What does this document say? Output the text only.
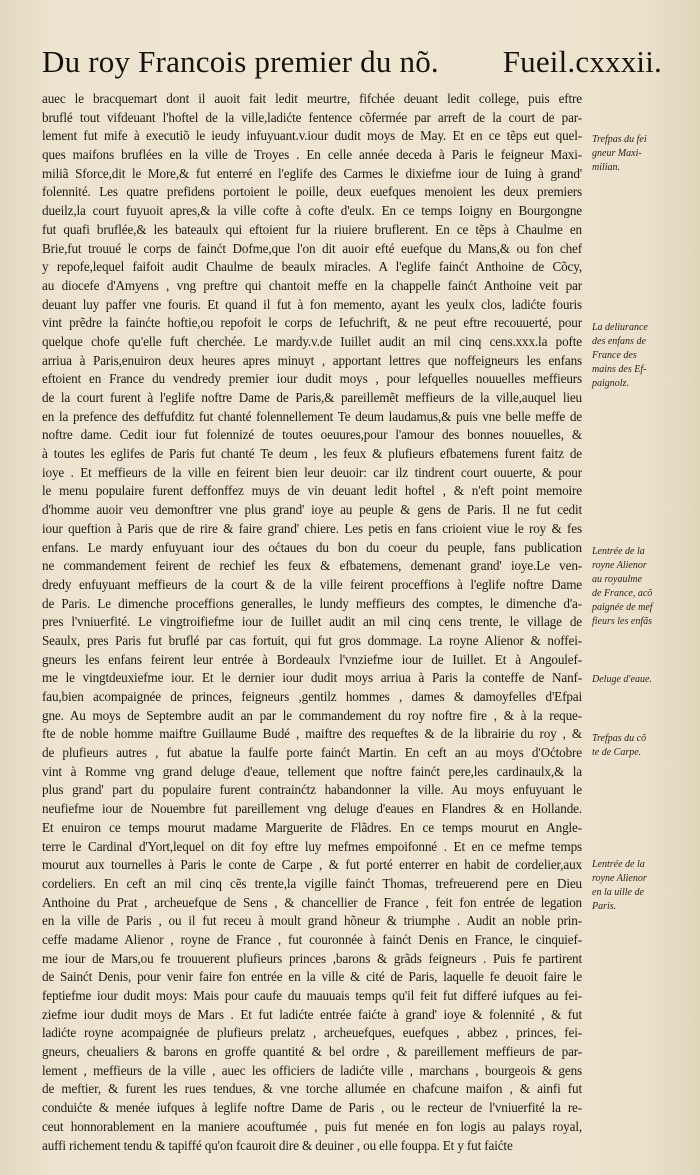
Du roy Francois premier du nõ. Fueil.cxxxii.
auec le bracquemart dont il auoit fait ledit meurtre, fifchée deuant ledit college, puis eftre
bruflé tout vifdeuant l'hoftel de la ville,ladićte fentence cõfermée par arreft de la court de par-
lement fut mife à executiõ le ieudy infuyuant.v.iour dudit moys de May. Et en ce tẽps eut quel-
ques maifons bruflées en la ville de Troyes . En celle année deceda à Paris le feigneur Maxi-
miliã Sforce,dit le More,& fut enterré en l'eglife des Carmes le dixiefme iour de Iuing à grand'
folennité. Les quatre prefidens portoient le poille, deux euefques menoient les deux premiers
dueilz,la court fuyuoit apres,& la ville cofte à cofte d'eulx. En ce temps Ioigny en Bourgongne
fut quafi bruflée,& les bateaulx qui eftoient fur la riuiere bruflerent. En ce tẽps à Chaulme en
Brie,fut trouué le corps de fainćt Dofme,que l'on dit auoir efté euefque du Mans,& ou fon chef
y repofe,lequel faifoit audit Chaulme de beaulx miracles. A l'eglife fainćt Anthoine de Cõcy,
au diocefe d'Amyens , vng preftre qui chantoit meffe en la chappelle fainćt Anthoine veit par
deuant luy paffer vne fouris. Et quand il fut à fon memento, ayant les yeulx clos, ladićte fouris
vint prẽdre la fainćte hoftie,ou repofoit le corps de Iefuchrift, & ne peut eftre recouuerté, pour
quelque chofe qu'elle fuft cherchée. Le mardy.v.de Iuillet audit an mil cinq cens.xxx.la pofte
arriua à Paris,enuiron deux heures apres minuyt , apportant lettres que noffeigneurs les enfans
eftoient en France du vendredy premier iour dudit moys , pour lefquelles nouuelles meffieurs
de la court furent à l'eglife noftre Dame de Paris,& pareillemẽt meffieurs de la ville,auquel lieu
en la prefence des deffufditz fut chanté folennellement Te deum laudamus,& puis vne belle meffe de
noftre dame. Cedit iour fut folennizé de toutes oeuures,pour l'amour des bonnes nouuelles, &
à toutes les eglifes de Paris fut chanté Te deum , les feux & plufieurs efbatemens furent faitz de
ioye . Et meffieurs de la ville en feirent bien leur deuoir: car ilz tindrent court ouuerte, & pour
le menu populaire furent deffonffez muys de vin deuant ledit hoftel , & n'eft point memoire
d'homme auoir veu demonftrer vne plus grand' ioye au peuple & gens de Paris. Il ne fut cedit
iour queftion à Paris que de rire & faire grand' chiere. Les petis en fans crioient viue le roy & fes
enfans. Le mardy enfuyuant iour des oćtaues du bon du coeur du peuple, fans publication
ne commandement feirent de rechief les feux & efbatemens, demenant grand' ioye.Le ven-
dredy enfuyuant meffieurs de la court & de la ville feirent proceffions à l'eglife noftre Dame
de Paris. Le dimenche proceffions generalles, le lundy meffieurs des comptes, le dimenche d'a-
pres l'vniuerfité. Le vingtroifiefme iour de Iuillet audit an mil cinq cens trente, le village de
Seaulx, pres Paris fut bruflé par cas fortuit, qui fut gros dommage. La royne Alienor & noffei-
gneurs les enfans feirent leur entrée à Bordeaulx l'vnziefme iour de Iuillet. Et à Angoulef-
me le vingtdeuxiefme iour. Et le dernier iour dudit moys arriua à Paris la conteffe de Nanf-
fau,bien acompaignée de princes, feigneurs ,gentilz hommes , dames & damoyfelles d'Efpai
gne. Au moys de Septembre audit an par le commandement du roy noftre fire , & à la reque-
fte de noble homme maiftre Guillaume Budé , maiftre des requeftes & de la librairie du roy , &
de plufieurs autres , fut abatue la faulfe porte fainćt Martin. En ceft an au moys d'Oćtobre
vint à Romme vng grand deluge d'eaue, tellement que noftre fainćt pere,les cardinaulx,& la
plus grand' part du populaire furent contrainćtz habandonner la ville. Au moys enfuyuant le
neufiefme iour de Nouembre fut pareillement vng deluge d'eaues en Flandres & en Hollande.
Et enuiron ce temps mourut madame Marguerite de Flãdres. En ce temps mourut en Angle-
terre le Cardinal d'Yort,lequel on dit foy eftre luy mefmes empoifonné . Et en ce mefme temps
mourut aux tournelles à Paris le conte de Carpe , & fut porté enterrer en habit de cordelier,aux
cordeliers. En ceft an mil cinq cẽs trente,la vigille fainćt Thomas, trefreuerend pere en Dieu
Anthoine du Prat , archeuefque de Sens , & chancellier de France , feit fon entrée de legation
en la ville de Paris , ou il fut receu à moult grand hõneur & triumphe . Audit an noble prin-
ceffe madame Alienor , royne de France , fut couronnée à fainćt Denis en France, le cinquief-
me iour de Mars,ou fe trouuerent plufieurs princes ,barons & grãds feigneurs . Puis fe partirent
de Sainćt Denis, pour venir faire fon entrée en la ville & cité de Paris, laquelle fe deuoit faire le
feptiefme iour dudit moys: Mais pour caufe du mauuais temps qu'il feit fut differé iufques au fei-
ziefme iour dudit moys de Mars . Et fut ladićte entrée faićte à grand' ioye & folennité , & fut
ladićte royne acompaignée de plufieurs prelatz , archeuefques, euefques , abbez , princes, fei-
gneurs, cheualiers & barons en groffe quantité & bel ordre , & pareillement meffieurs de par-
lement , meffieurs de la ville , auec les officiers de ladićte ville , marchans , bourgeois & gens
de meftier, & furent les rues tendues, & vne torche allumée en chafcune maifon , & ainfi fut
conduićte & menée iufques à leglife noftre Dame de Paris , ou le recteur de l'vniuerfité la re-
ceut honnorablement en la maniere acouftumée , puis fut menée en fon logis au palays royal,
auffi richement tendu & tapiffé qu'on fcauroit dire & deuiner , ou elle fouppa. Et y fut faićte
Trefpas du fei
gneur Maxi-
milian.
La deliurance
des enfans de
France des
mains des Ef-
paignolz.
Lentrée de la
royne Alienor
au royaulme
de France, acõ
paignée de mef
fieurs les enfãs
Deluge d'eaue.
Trefpas du cõ
te de Carpe.
Lentrée de la
royne Alienor
en la uille de
Paris.
